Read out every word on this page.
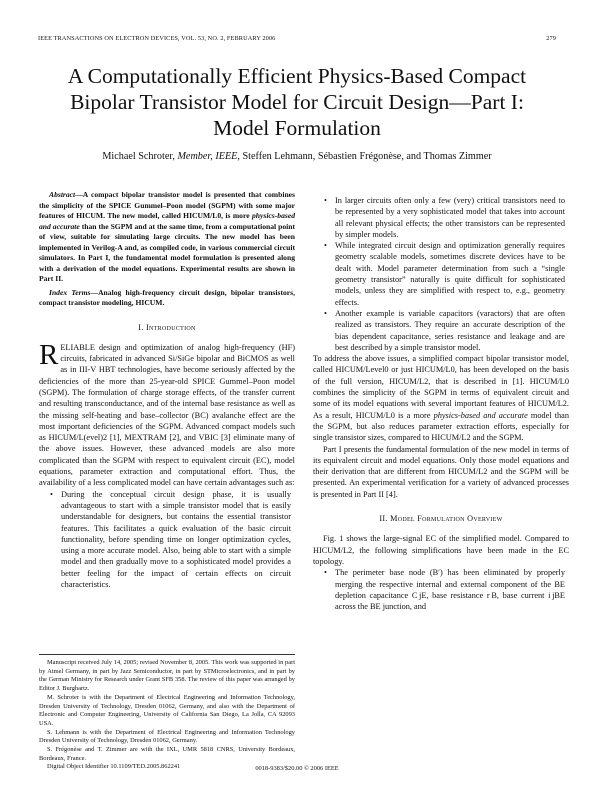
IEEE TRANSACTIONS ON ELECTRON DEVICES, VOL. 53, NO. 2, FEBRUARY 2006	279
A Computationally Efficient Physics-Based Compact
Bipolar Transistor Model for Circuit Design—Part I:
Model Formulation
Michael Schroter, Member, IEEE, Steffen Lehmann, Sébastien Frégonèse, and Thomas Zimmer

Abstract—A compact bipolar transistor model is presented that combines the simplicity of the SPICE Gummel–Poon model (SGPM) with some major features of HICUM. The new model, called HICUM/L0, is more physics-based and accurate than the SGPM and at the same time, from a computational point of view, suitable for simulating large circuits. The new model has been implemented in Verilog-A and, as compiled code, in various commercial circuit simulators. In Part I, the fundamental model formulation is presented along with a derivation of the model equations. Experimental results are shown in Part II.

Index Terms—Analog high-frequency circuit design, bipolar transistors, compact transistor modeling, HICUM.

I. Introduction

RELIABLE design and optimization of analog high-frequency (HF) circuits, fabricated in advanced Si/SiGe bipolar and BiCMOS as well as in III-V HBT technologies, have become seriously affected by the deficiencies of the more than 25-year-old SPICE Gummel–Poon model (SGPM). The formulation of charge storage effects, of the transfer current and resulting transconductance, and of the internal base resistance as well as the missing self-heating and base–collector (BC) avalanche effect are the most important deficiencies of the SGPM. Advanced compact models such as HICUM/L(evel)2 [1], MEXTRAM [2], and VBIC [3] eliminate many of the above issues. However, these advanced models are also more complicated than the SGPM with respect to equivalent circuit (EC), model equations, parameter extraction and computational effort. Thus, the availability of a less complicated model can have certain advantages such as:

• During the conceptual circuit design phase, it is usually advantageous to start with a simple transistor model that is easily understandable for designers, but contains the essential transistor features. This facilitates a quick evaluation of the basic circuit functionality, before spending time on longer optimization cycles, using a more accurate model. Also, being able to start with a simple model and then gradually move to a sophisticated model provides a better feeling for the impact of certain effects on circuit characteristics.
• In larger circuits often only a few (very) critical transistors need to be represented by a very sophisticated model that takes into account all relevant physical effects; the other transistors can be represented by simpler models.
• While integrated circuit design and optimization generally requires geometry scalable models, sometimes discrete devices have to be dealt with. Model parameter determination from such a “single geometry transistor” naturally is quite difficult for sophisticated models, unless they are simplified with respect to, e.g., geometry effects.
• Another example is variable capacitors (varactors) that are often realized as transistors. They require an accurate description of the bias dependent capacitance, series resistance and leakage and are best described by a simple transistor model.

To address the above issues, a simplified compact bipolar transistor model, called HICUM/Level0 or just HICUM/L0, has been developed on the basis of the full version, HICUM/L2, that is described in [1]. HICUM/L0 combines the simplicity of the SGPM in terms of equivalent circuit and some of its model equations with several important features of HICUM/L2. As a result, HICUM/L0 is a more physics-based and accurate model than the SGPM, but also reduces parameter extraction efforts, especially for single transistor sizes, compared to HICUM/L2 and the SGPM.

Part I presents the fundamental formulation of the new model in terms of its equivalent circuit and model equations. Only those model equations and their derivation that are different from HICUM/L2 and the SGPM will be presented. An experimental verification for a variety of advanced processes is presented in Part II [4].

II. Model Formulation Overview

Fig. 1 shows the large-signal EC of the simplified model. Compared to HICUM/L2, the following simplifications have been made in the EC topology.

• The perimeter base node (B′) has been eliminated by properly merging the respective internal and external component of the BE depletion capacitance C jE, base resistance r B, base current i jBE across the BE junction, and

Manuscript received July 14, 2005; revised November 8, 2005. This work was supported in part by Atmel Germany, in part by Jazz Semiconductor, in part by STMicroelectronics, and in part by the German Ministry for Research under Grant SFB 358. The review of this paper was arranged by Editor J. Burghartz.

M. Schroter is with the Department of Electrical Engineering and Information Technology, Dresden University of Technology, Dresden 01062, Germany, and also with the Department of Electronic and Computer Engineering, University of California San Diego, La Jolla, CA 92093 USA.

S. Lehmann is with the Department of Electrical Engineering and Information Technology Dresden University of Technology, Dresden 01062, Germany.

S. Frégonèse and T. Zimmer are with the IXL, UMR 5818 CNRS, University Bordeaux, Bordeaux, France.

Digital Object Identifier 10.1109/TED.2005.862241	0018-9383/$20.00 © 2006 IEEE
